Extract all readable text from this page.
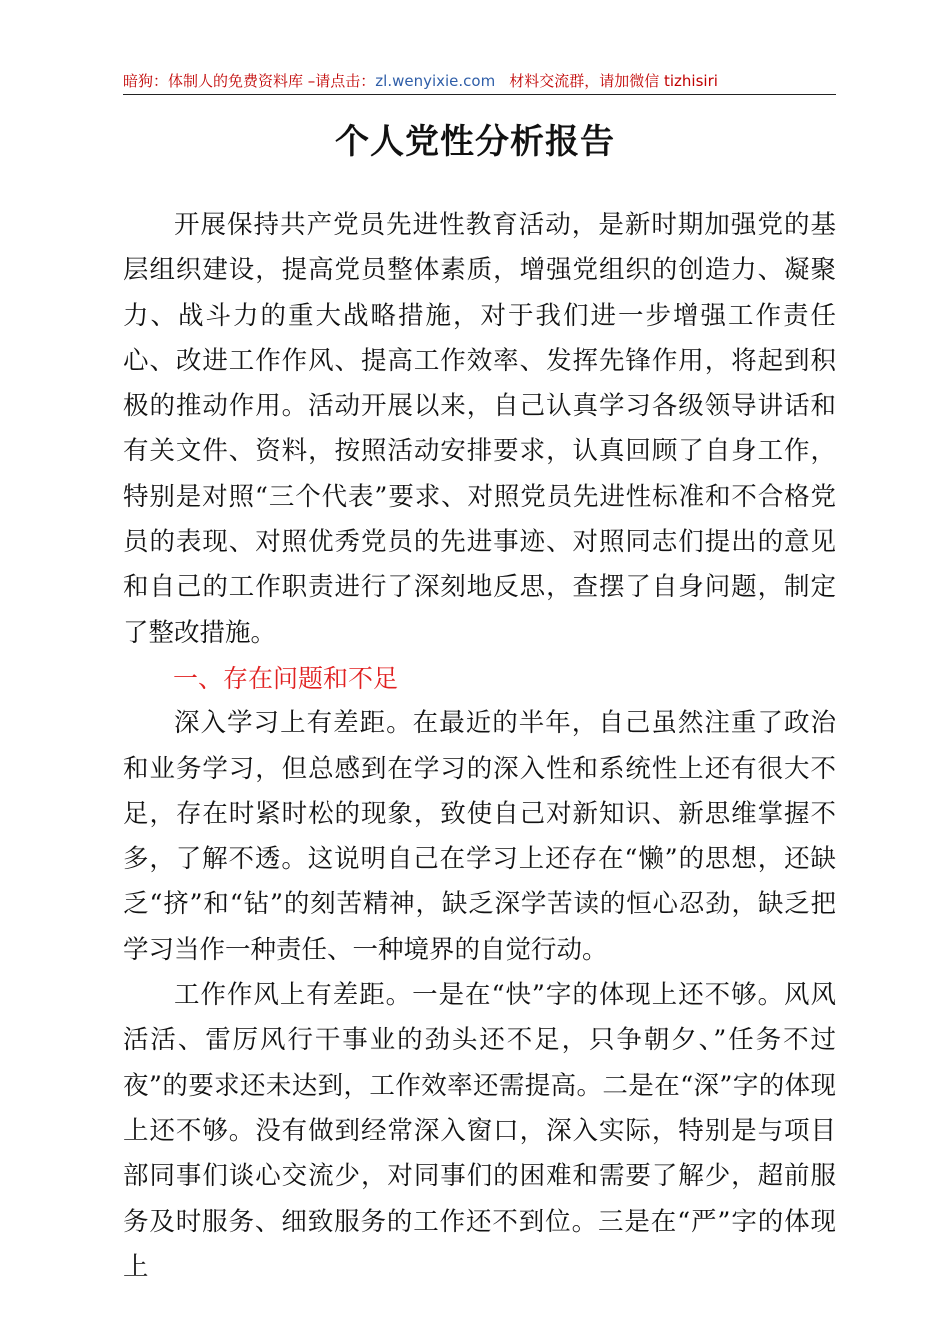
暗狗：体制人的免费资料库 –请点击：zl.wenyixie.com 材料交流群，请加微信 tizhisiri
个人党性分析报告

开展保持共产党员先进性教育活动，是新时期加强党的基层组织建设，提高党员整体素质，增强党组织的创造力、凝聚力、战斗力的重大战略措施，对于我们进一步增强工作责任心、改进工作作风、提高工作效率、发挥先锋作用，将起到积极的推动作用。活动开展以来，自己认真学习各级领导讲话和有关文件、资料，按照活动安排要求，认真回顾了自身工作，特别是对照“三个代表”要求、对照党员先进性标准和不合格党员的表现、对照优秀党员的先进事迹、对照同志们提出的意见和自己的工作职责进行了深刻地反思，查摆了自身问题，制定了整改措施。

一、存在问题和不足

深入学习上有差距。在最近的半年，自己虽然注重了政治和业务学习，但总感到在学习的深入性和系统性上还有很大不足，存在时紧时松的现象，致使自己对新知识、新思维掌握不多，了解不透。这说明自己在学习上还存在“懒”的思想，还缺乏“挤”和“钻”的刻苦精神，缺乏深学苦读的恒心忍劲，缺乏把学习当作一种责任、一种境界的自觉行动。

工作作风上有差距。一是在“快”字的体现上还不够。风风活活、雷厉风行干事业的劲头还不足，只争朝夕、”任务不过夜”的要求还未达到，工作效率还需提高。二是在“深”字的体现上还不够。没有做到经常深入窗口，深入实际，特别是与项目部同事们谈心交流少，对同事们的困难和需要了解少，超前服务及时服务、细致服务的工作还不到位。三是在“严”字的体现上
